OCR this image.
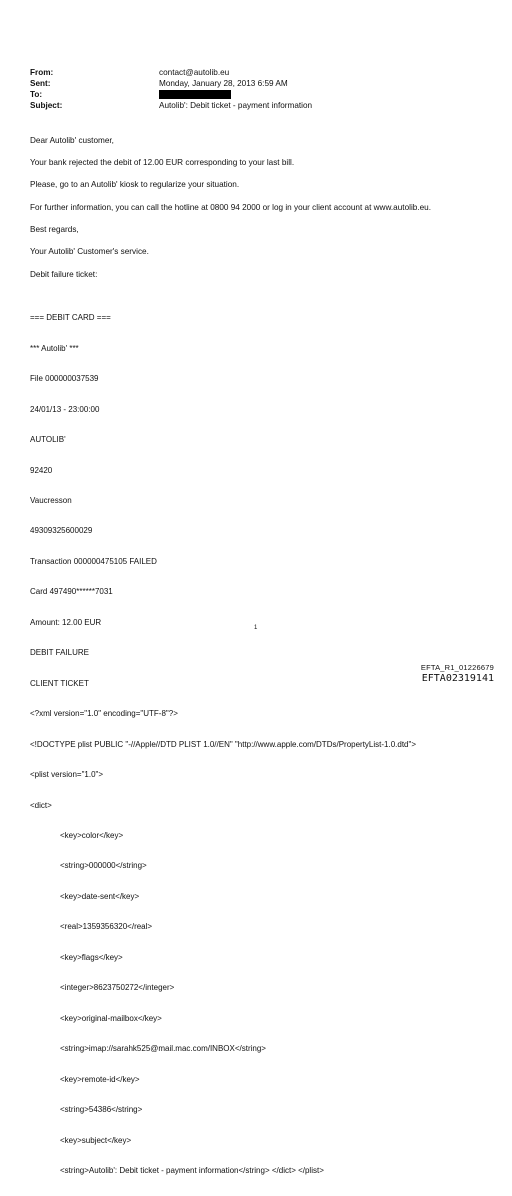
From:	contact@autolib.eu
Sent:	Monday, January 28, 2013 6:59 AM
To:
Subject:	Autolib': Debit ticket - payment information
Dear Autolib' customer,
Your bank rejected the debit of 12.00 EUR corresponding to your last bill.
Please, go to an Autolib' kiosk to regularize your situation.
For further information, you can call the hotline at 0800 94 2000 or log in your client account at www.autolib.eu.
Best regards,
Your Autolib' Customer's service.
Debit failure ticket:

=== DEBIT CARD ===

*** Autolib' ***

File 000000037539

24/01/13 - 23:00:00

AUTOLIB'

92420

Vaucresson

49309325600029

Transaction 000000475105 FAILED

Card 497490******7031

Amount: 12.00 EUR

DEBIT FAILURE

CLIENT TICKET

<?xml version="1.0" encoding="UTF-8"?>

<!DOCTYPE plist PUBLIC "-//Apple//DTD PLIST 1.0//EN" "http://www.apple.com/DTDs/PropertyList-1.0.dtd">

<plist version="1.0">

<dict>

<key>color</key>

<string>000000</string>

<key>date-sent</key>

<real>1359356320</real>

<key>flags</key>

<integer>8623750272</integer>

<key>original-mailbox</key>

<string>imap://sarahk525@mail.mac.com/INBOX</string>

<key>remote-id</key>

<string>54386</string>

<key>subject</key>

<string>Autolib': Debit ticket - payment information</string> </dict> </plist>

1
EFTA_R1_01226679
EFTA02319141
